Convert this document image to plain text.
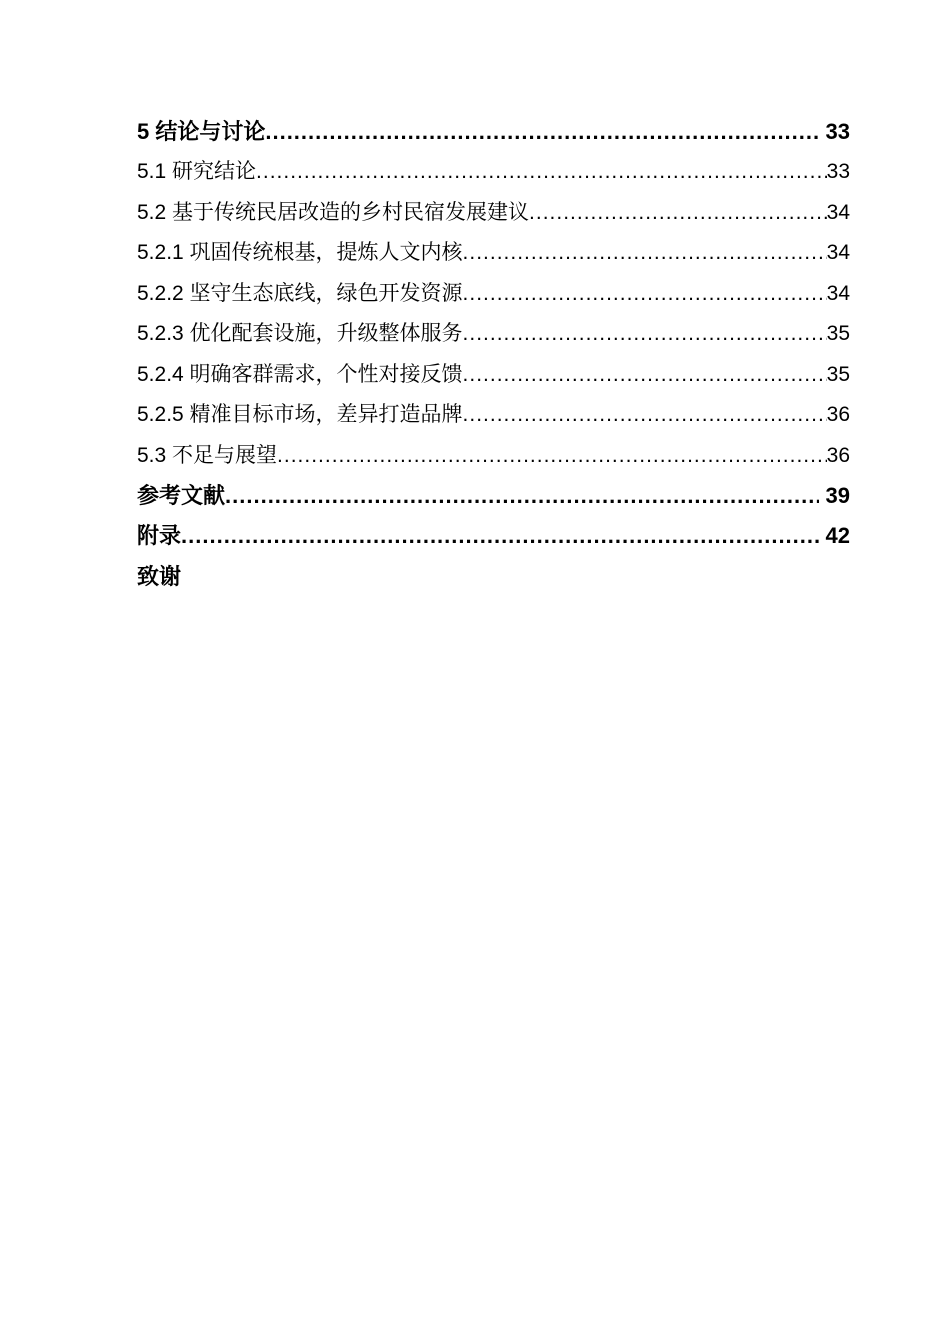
5 结论与讨论 .....	33
5.1 研究结论 .....	33
5.2 基于传统民居改造的乡村民宿发展建议 .....	34
5.2.1 巩固传统根基，提炼人文内核 .....	34
5.2.2 坚守生态底线，绿色开发资源 .....	34
5.2.3 优化配套设施，升级整体服务 .....	35
5.2.4 明确客群需求，个性对接反馈 .....	35
5.2.5 精准目标市场，差异打造品牌 .....	36
5.3 不足与展望 .....	36
参考文献 .....	39
附录 .....	42
致谢
